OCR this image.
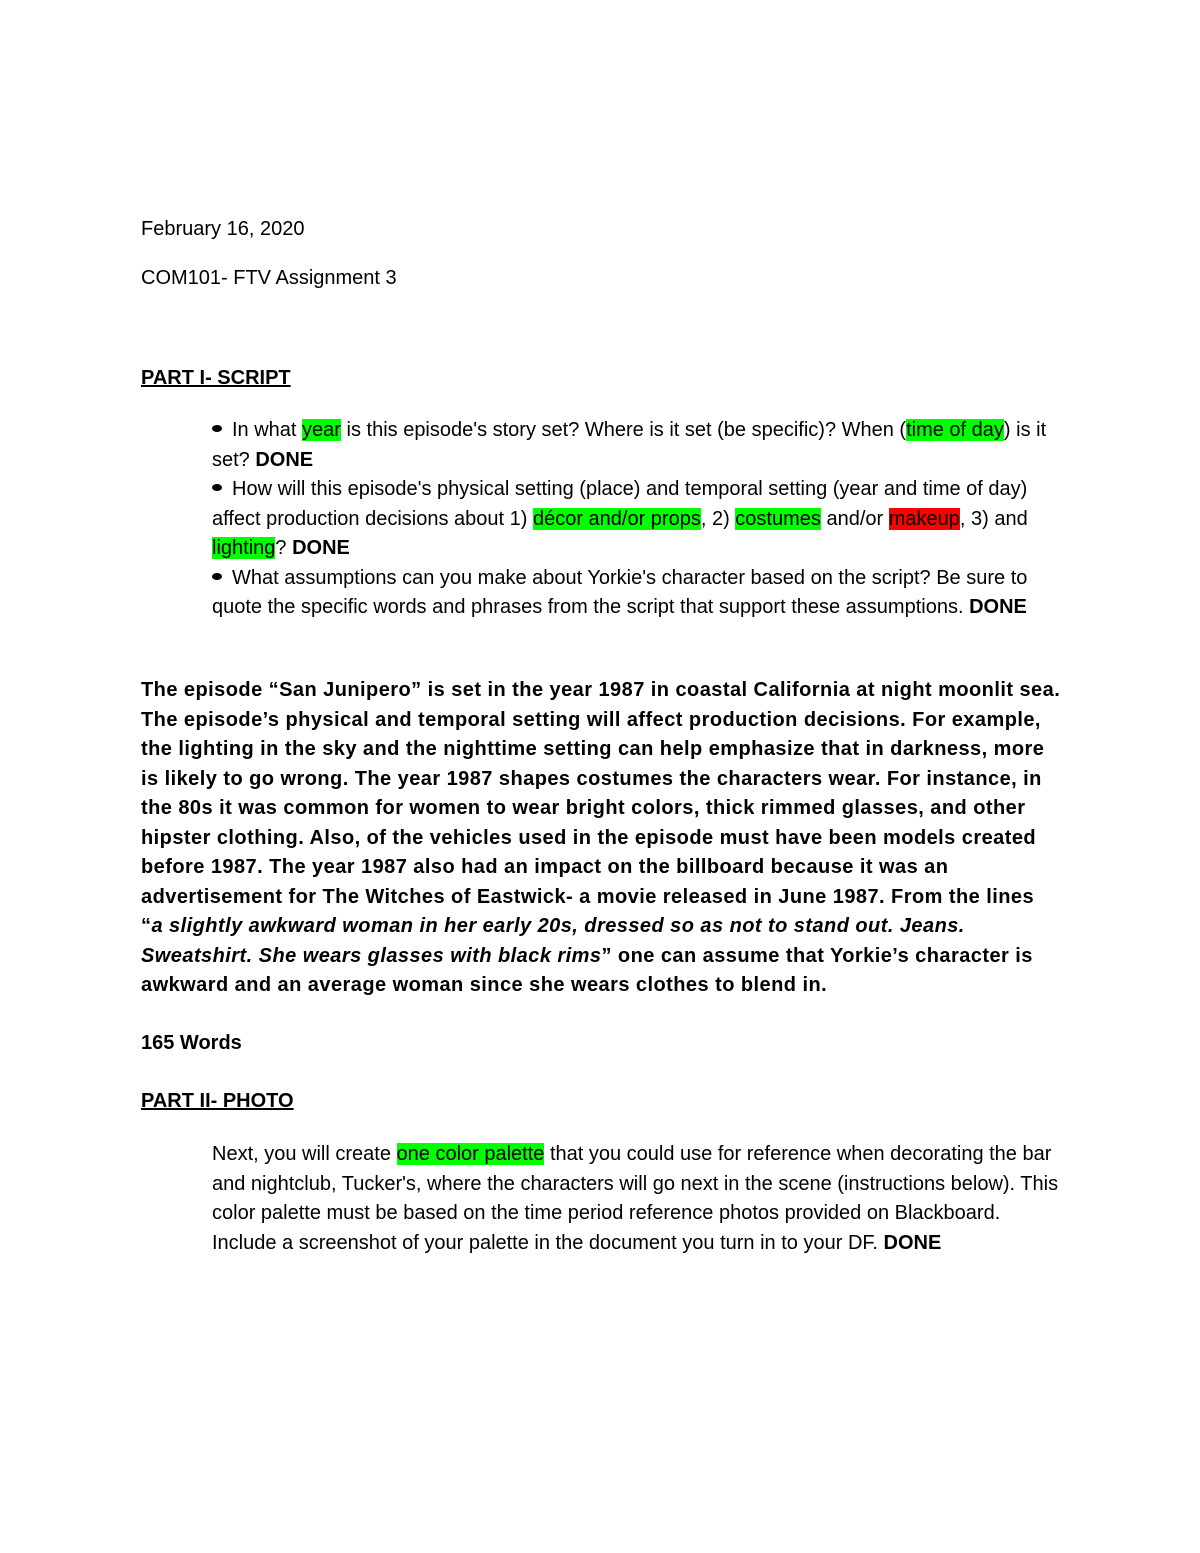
February 16, 2020
COM101- FTV Assignment 3
PART I- SCRIPT
In what year is this episode's story set? Where is it set (be specific)? When (time of day) is it set? DONE
How will this episode's physical setting (place) and temporal setting (year and time of day) affect production decisions about 1) décor and/or props, 2) costumes and/or makeup, 3) and lighting? DONE
What assumptions can you make about Yorkie's character based on the script? Be sure to quote the specific words and phrases from the script that support these assumptions. DONE

The episode “San Junipero” is set in the year 1987 in coastal California at night moonlit sea. The episode’s physical and temporal setting will affect production decisions. For example, the lighting in the sky and the nighttime setting can help emphasize that in darkness, more is likely to go wrong. The year 1987 shapes costumes the characters wear. For instance, in the 80s it was common for women to wear bright colors, thick rimmed glasses, and other hipster clothing. Also, of the vehicles used in the episode must have been models created before 1987. The year 1987 also had an impact on the billboard because it was an advertisement for The Witches of Eastwick- a movie released in June 1987. From the lines “a slightly awkward woman in her early 20s, dressed so as not to stand out. Jeans. Sweatshirt. She wears glasses with black rims” one can assume that Yorkie’s character is awkward and an average woman since she wears clothes to blend in.

165 Words
PART II- PHOTO

Next, you will create one color palette that you could use for reference when decorating the bar and nightclub, Tucker's, where the characters will go next in the scene (instructions below). This color palette must be based on the time period reference photos provided on Blackboard. Include a screenshot of your palette in the document you turn in to your DF. DONE
